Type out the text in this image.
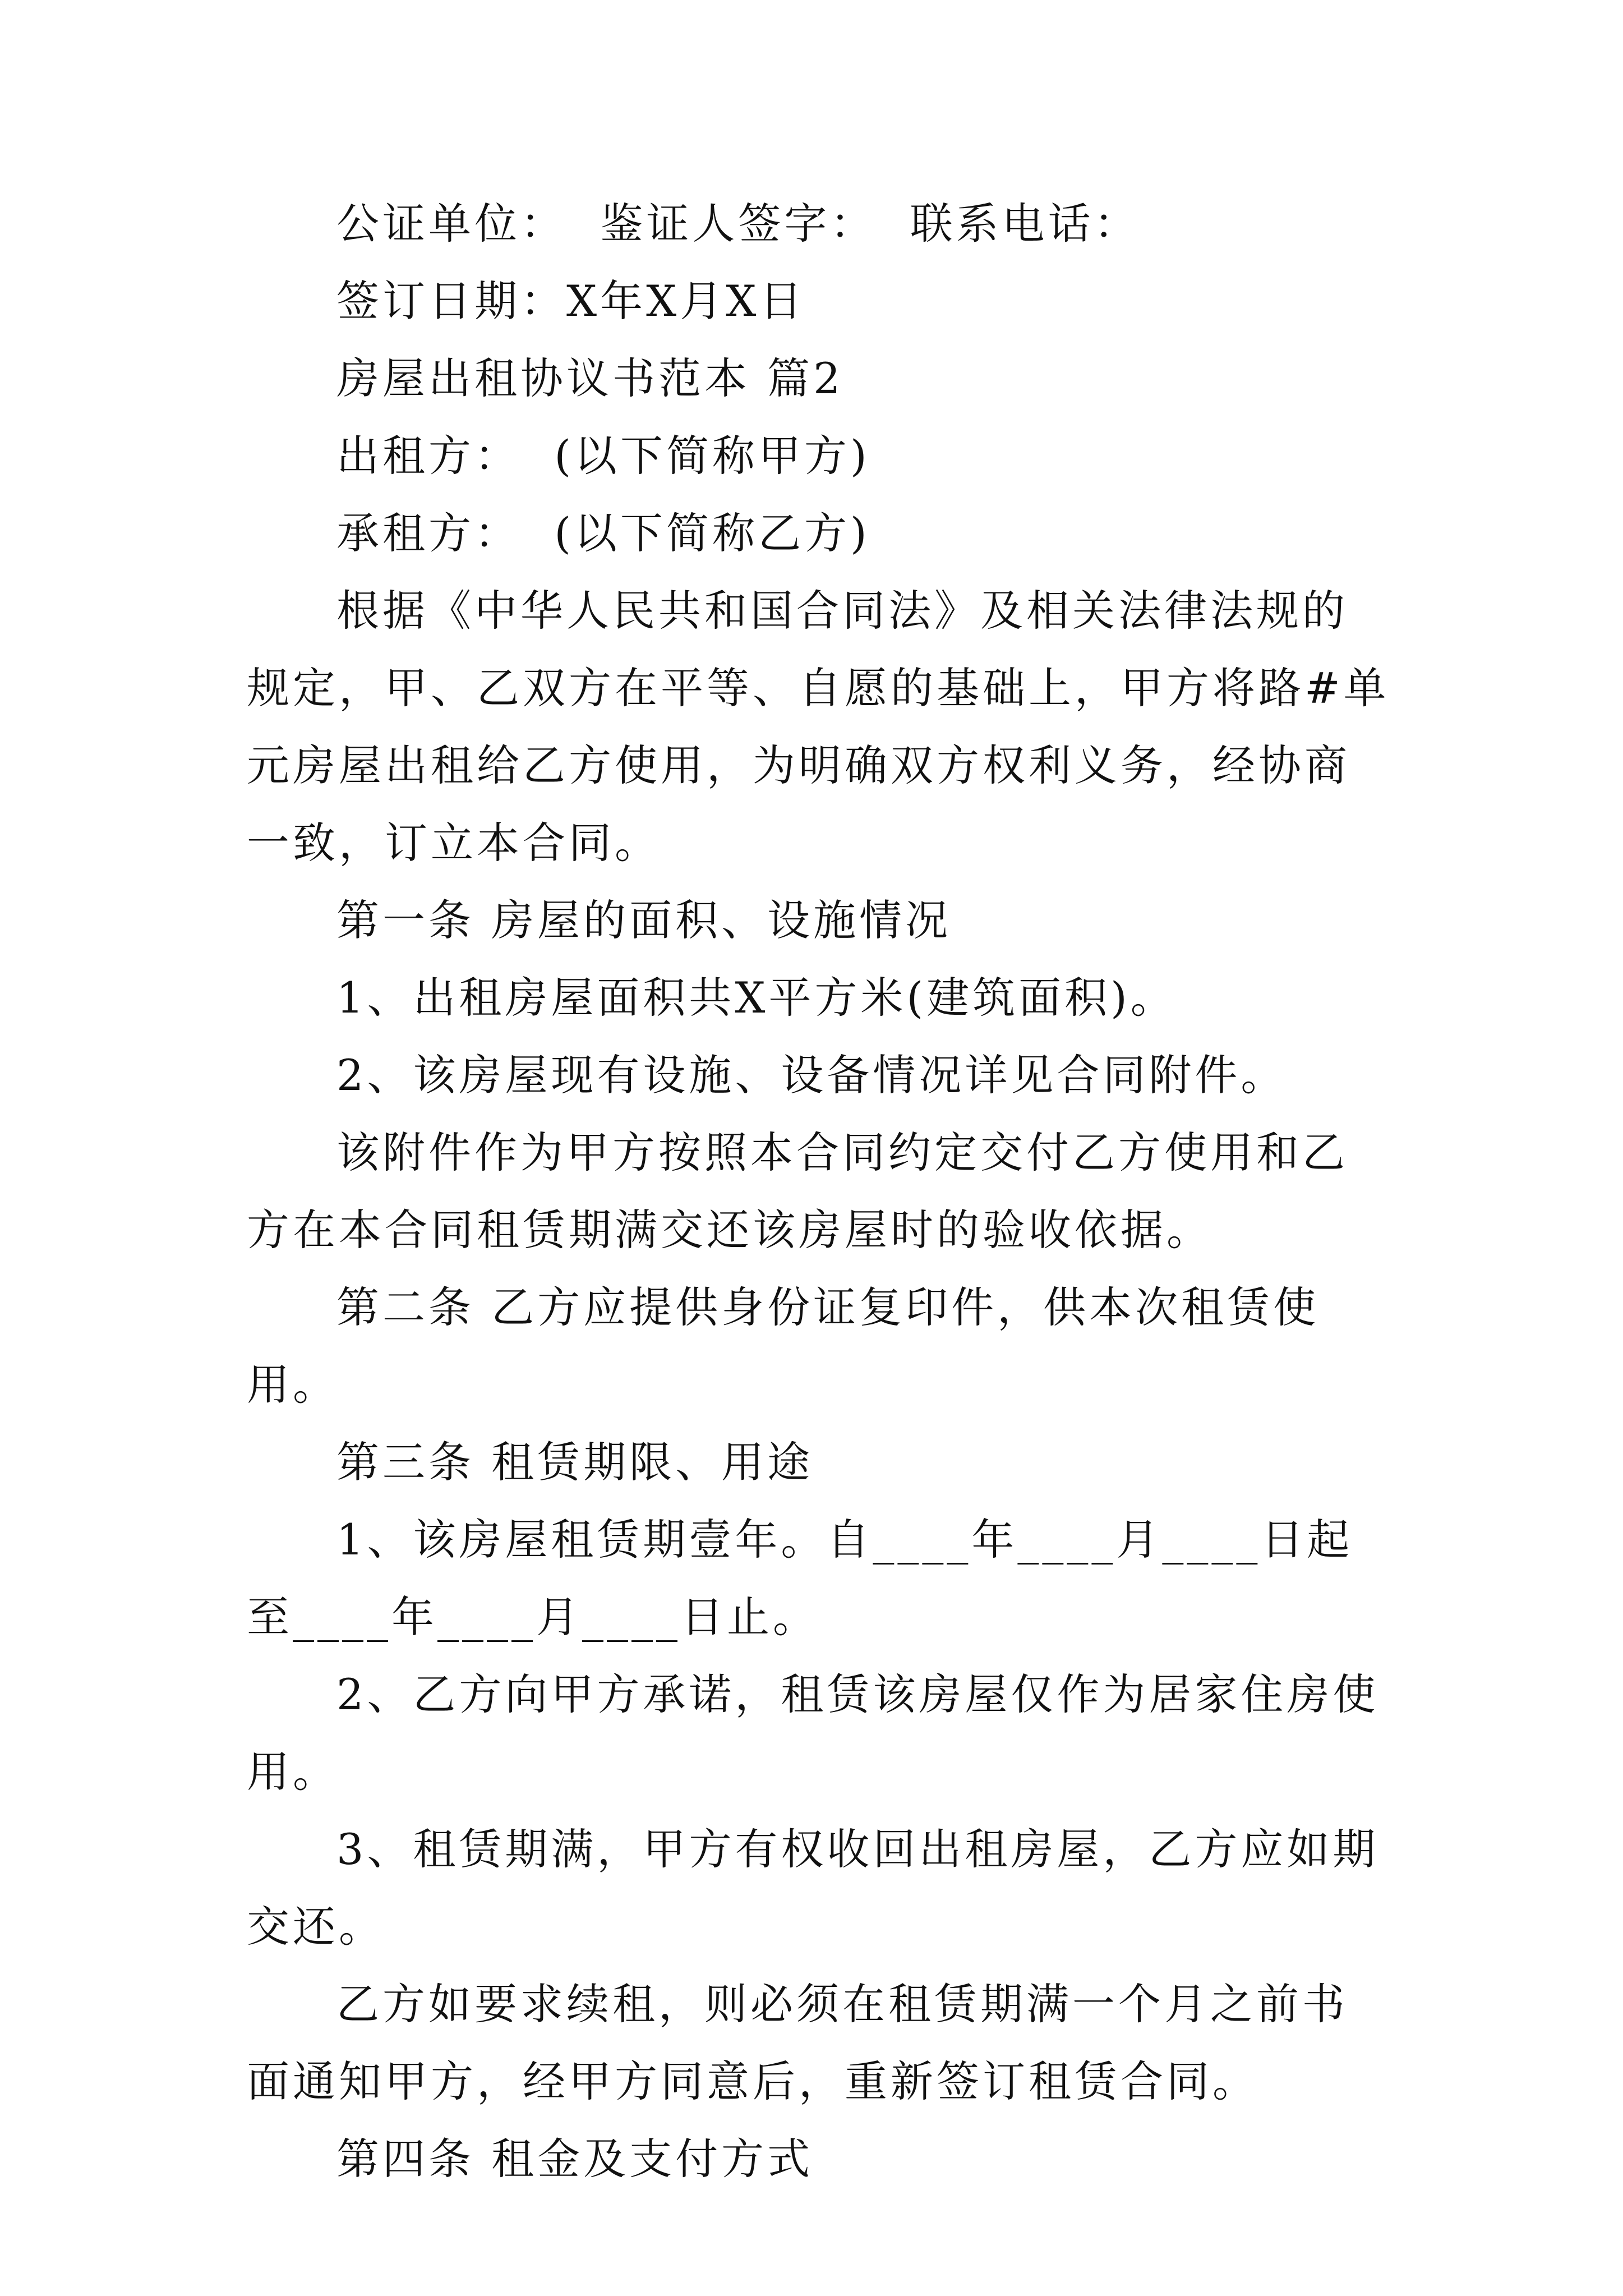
公证单位：  鉴证人签字：  联系电话：

签订日期：X年X月X日

房屋出租协议书范本 篇2

出租方：  (以下简称甲方)

承租方：  (以下简称乙方)

根据《中华人民共和国合同法》及相关法律法规的规定，甲、乙双方在平等、自愿的基础上，甲方将路#单元房屋出租给乙方使用，为明确双方权利义务，经协商一致，订立本合同。

第一条 房屋的面积、设施情况

1、出租房屋面积共X平方米(建筑面积)。

2、该房屋现有设施、设备情况详见合同附件。

该附件作为甲方按照本合同约定交付乙方使用和乙方在本合同租赁期满交还该房屋时的验收依据。

第二条 乙方应提供身份证复印件，供本次租赁使用。

第三条 租赁期限、用途

1、该房屋租赁期壹年。自____年____月____日起至____年____月____日止。

2、乙方向甲方承诺，租赁该房屋仅作为居家住房使用。

3、租赁期满，甲方有权收回出租房屋，乙方应如期交还。

乙方如要求续租，则必须在租赁期满一个月之前书面通知甲方，经甲方同意后，重新签订租赁合同。

第四条 租金及支付方式
